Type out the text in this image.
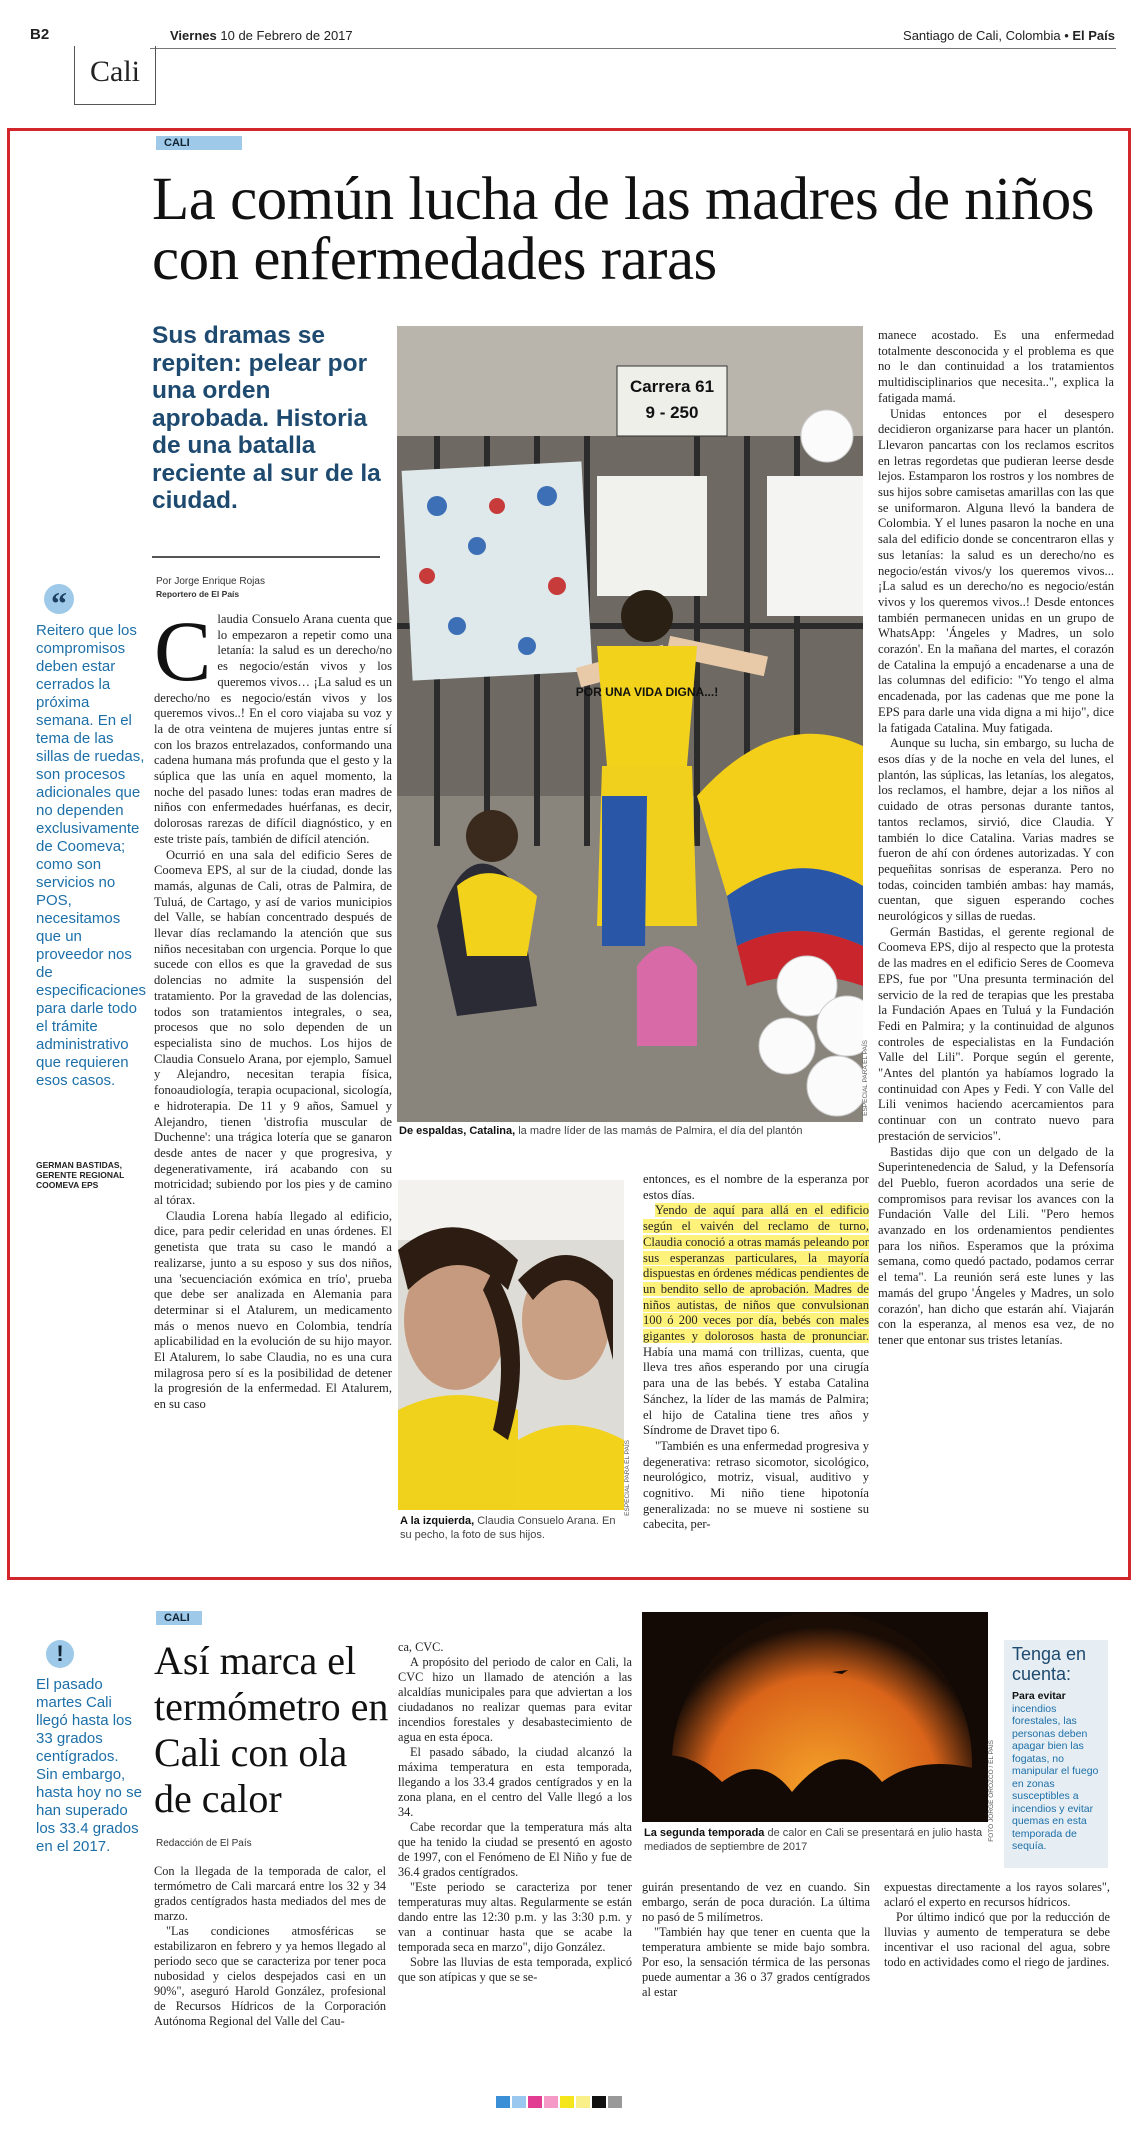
B2	Viernes 10 de Febrero de 2017	Santiago de Cali, Colombia • El País
Cali
CALI
La común lucha de las madres de niños con enfermedades raras
Sus dramas se repiten: pelear por una orden aprobada. Historia de una batalla reciente al sur de la ciudad.
Por Jorge Enrique Rojas
Reportero de El País
“
Reitero que los compromisos deben estar cerrados la próxima semana. En el tema de las sillas de ruedas, son procesos adicionales que no dependen exclusivamente de Coomeva; como son servicios no POS, necesitamos que un proveedor nos de especificaciones para darle todo el trámite administrativo que requieren esos casos.
GERMAN BASTIDAS, GERENTE REGIONAL COOMEVA EPS
C laudia Consuelo Arana cuenta que lo empezaron a repetir como una letanía: la salud es un derecho/no es negocio/están vivos y los queremos vivos… ¡La salud es un derecho/no es negocio/están vivos y los queremos vivos..! En el coro viajaba su voz y la de otra veintena de mujeres juntas entre sí con los brazos entrelazados, conformando una cadena humana más profunda que el gesto y la súplica que las unía en aquel momento, la noche del pasado lunes: todas eran madres de niños con enfermedades huérfanas, es decir, dolorosas rarezas de difícil diagnóstico, y en este triste país, también de difícil atención.

Ocurrió en una sala del edificio Seres de Coomeva EPS, al sur de la ciudad, donde las mamás, algunas de Cali, otras de Palmira, de Tuluá, de Cartago, y así de varios municipios del Valle, se habían concentrado después de llevar días reclamando la atención que sus niños necesitaban con urgencia. Porque lo que sucede con ellos es que la gravedad de sus dolencias no admite la suspensión del tratamiento. Por la gravedad de las dolencias, todos son tratamientos integrales, o sea, procesos que no solo dependen de un especialista sino de muchos. Los hijos de Claudia Consuelo Arana, por ejemplo, Samuel y Alejandro, necesitan terapia física, fonoaudiología, terapia ocupacional, sicología, e hidroterapia. De 11 y 9 años, Samuel y Alejandro, tienen 'distrofia muscular de Duchenne': una trágica lotería que se ganaron desde antes de nacer y que progresiva, y degenerativamente, irá acabando con su motricidad; subiendo por los pies y de camino al tórax.

Claudia Lorena había llegado al edificio, dice, para pedir celeridad en unas órdenes. El genetista que trata su caso le mandó a realizarse, junto a su esposo y sus dos niños, una 'secuenciación exómica en trío', prueba que debe ser analizada en Alemania para determinar si el Atalurem, un medicamento más o menos nuevo en Colombia, tendría aplicabilidad en la evolución de su hijo mayor. El Atalurem, lo sabe Claudia, no es una cura milagrosa pero sí es la posibilidad de detener la progresión de la enfermedad. El Atalurem, en su caso

Carrera 61
9 - 250
POR UNA VIDA DIGNA...!
ESPECIAL PARA EL PAÍS
De espaldas, Catalina, la madre líder de las mamás de Palmira, el día del plantón
ESPECIAL PARA EL PAÍS
A la izquierda, Claudia Consuelo Arana. En su pecho, la foto de sus hijos.

entonces, es el nombre de la esperanza por estos días.

Yendo de aquí para allá en el edificio según el vaivén del reclamo de turno, Claudia conoció a otras mamás peleando por sus esperanzas particulares, la mayoría dispuestas en órdenes médicas pendientes de un bendito sello de aprobación. Madres de niños autistas, de niños que convulsionan 100 ó 200 veces por día, bebés con males gigantes y dolorosos hasta de pronunciar. Había una mamá con trillizas, cuenta, que lleva tres años esperando por una cirugía para una de las bebés. Y estaba Catalina Sánchez, la líder de las mamás de Palmira; el hijo de Catalina tiene tres años y Síndrome de Dravet tipo 6.

"También es una enfermedad progresiva y degenerativa: retraso sicomotor, sicológico, neurológico, motriz, visual, auditivo y cognitivo. Mi niño tiene hipotonía generalizada: no se mueve ni sostiene su cabecita, per-

manece acostado. Es una enfermedad totalmente desconocida y el problema es que no le dan continuidad a los tratamientos multidisciplinarios que necesita..", explica la fatigada mamá.

Unidas entonces por el desespero decidieron organizarse para hacer un plantón. Llevaron pancartas con los reclamos escritos en letras regordetas que pudieran leerse desde lejos. Estamparon los rostros y los nombres de sus hijos sobre camisetas amarillas con las que se uniformaron. Alguna llevó la bandera de Colombia. Y el lunes pasaron la noche en una sala del edificio donde se concentraron ellas y sus letanías: la salud es un derecho/no es negocio/están vivos/y los queremos vivos... ¡La salud es un derecho/no es negocio/están vivos y los queremos vivos..! Desde entonces también permanecen unidas en un grupo de WhatsApp: 'Ángeles y Madres, un solo corazón'. En la mañana del martes, el corazón de Catalina la empujó a encadenarse a una de las columnas del edificio: "Yo tengo el alma encadenada, por las cadenas que me pone la EPS para darle una vida digna a mi hijo", dice la fatigada Catalina. Muy fatigada.

Aunque su lucha, sin embargo, su lucha de esos días y de la noche en vela del lunes, el plantón, las súplicas, las letanías, los alegatos, los reclamos, el hambre, dejar a los niños al cuidado de otras personas durante tantos, tantos reclamos, sirvió, dice Claudia. Y también lo dice Catalina. Varias madres se fueron de ahí con órdenes autorizadas. Y con pequeñitas sonrisas de esperanza. Pero no todas, coinciden también ambas: hay mamás, cuentan, que siguen esperando coches neurológicos y sillas de ruedas.

Germán Bastidas, el gerente regional de Coomeva EPS, dijo al respecto que la protesta de las madres en el edificio Seres de Coomeva EPS, fue por "Una presunta terminación del servicio de la red de terapias que les prestaba la Fundación Apaes en Tuluá y la Fundación Fedi en Palmira; y la continuidad de algunos controles de especialistas en la Fundación Valle del Lili". Porque según el gerente, "Antes del plantón ya habíamos logrado la continuidad con Apes y Fedi. Y con Valle del Lili venimos haciendo acercamientos para continuar con un contrato nuevo para prestación de servicios".

Bastidas dijo que con un delgado de la Superintenedencia de Salud, y la Defensoría del Pueblo, fueron acordados una serie de compromisos para revisar los avances con la Fundación Valle del Lili. "Pero hemos avanzado en los ordenamientos pendientes para los niños. Esperamos que la próxima semana, como quedó pactado, podamos cerrar el tema". La reunión será este lunes y las mamás del grupo 'Ángeles y Madres, un solo corazón', han dicho que estarán ahí. Viajarán con la esperanza, al menos esa vez, de no tener que entonar sus tristes letanías.

CALI
!
El pasado martes Cali llegó hasta los 33 grados centígrados. Sin embargo, hasta hoy no se han superado los 33.4 grados en el 2017.
Así marca el termómetro en Cali con ola de calor
Redacción de El País

Con la llegada de la temporada de calor, el termómetro de Cali marcará entre los 32 y 34 grados centígrados hasta mediados del mes de marzo.

"Las condiciones atmosféricas se estabilizaron en febrero y ya hemos llegado al periodo seco que se caracteriza por tener poca nubosidad y cielos despejados casi en un 90%", aseguró Harold González, profesional de Recursos Hídricos de la Corporación Autónoma Regional del Valle del Cau-

ca, CVC.

A propósito del periodo de calor en Cali, la CVC hizo un llamado de atención a las alcaldías municipales para que adviertan a los ciudadanos no realizar quemas para evitar incendios forestales y desabastecimiento de agua en esta época.

El pasado sábado, la ciudad alcanzó la máxima temperatura en esta temporada, llegando a los 33.4 grados centígrados y en la zona plana, en el centro del Valle llegó a los 34.

Cabe recordar que la temperatura más alta que ha tenido la ciudad se presentó en agosto de 1997, con el Fenómeno de El Niño y fue de 36.4 grados centígrados.

"Este periodo se caracteriza por tener temperaturas muy altas. Regularmente se están dando entre las 12:30 p.m. y las 3:30 p.m. y van a continuar hasta que se acabe la temporada seca en marzo", dijo González.

Sobre las lluvias de esta temporada, explicó que son atípicas y que se se-

FOTO JORGE OROZCO / EL PAÍS
La segunda temporada de calor en Cali se presentará en julio hasta mediados de septiembre de 2017
Tenga en cuenta:
Para evitar incendios forestales, las personas deben apagar bien las fogatas, no manipular el fuego en zonas susceptibles a incendios y evitar quemas en esta temporada de sequía.

guirán presentando de vez en cuando. Sin embargo, serán de poca duración. La última no pasó de 5 milímetros.

"También hay que tener en cuenta que la temperatura ambiente se mide bajo sombra. Por eso, la sensación térmica de las personas puede aumentar a 36 o 37 grados centígrados al estar

expuestas directamente a los rayos solares", aclaró el experto en recursos hídricos.

Por último indicó que por la reducción de lluvias y aumento de temperatura se debe incentivar el uso racional del agua, sobre todo en actividades como el riego de jardines.
